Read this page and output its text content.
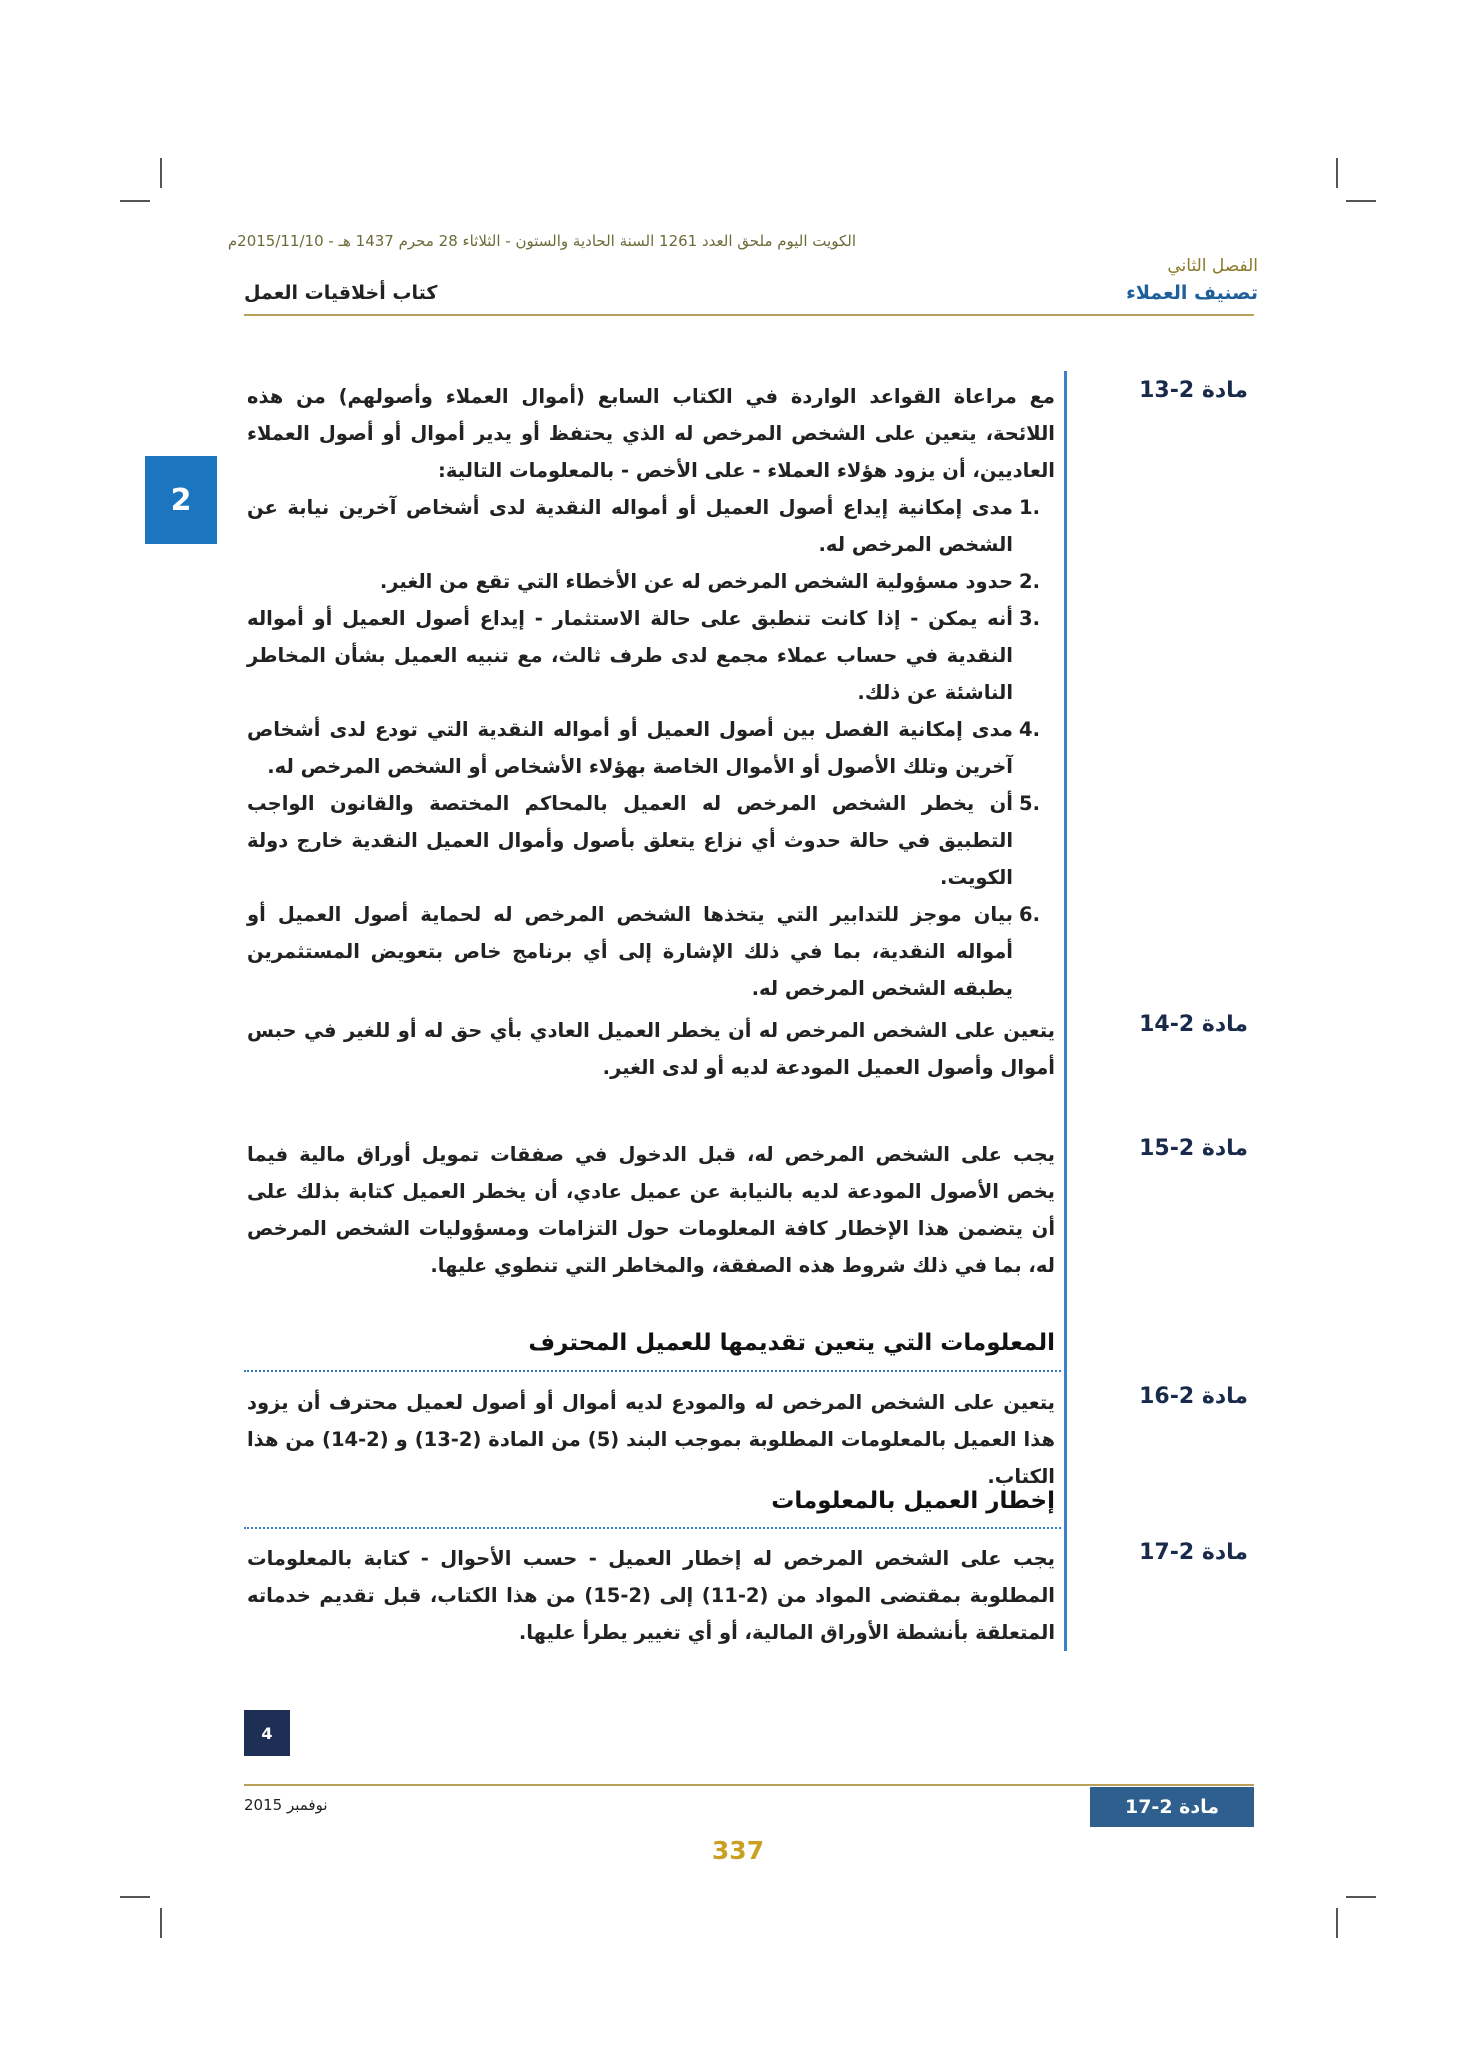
الكويت اليوم ملحق العدد 1261 السنة الحادية والستون - الثلاثاء 28 محرم 1437 هـ - 2015/11/10م
الفصل الثاني
تصنيف العملاء
كتاب أخلاقيات العمل
2
مادة 2-13

مع مراعاة القواعد الواردة في الكتاب السابع (أموال العملاء وأصولهم) من هذه اللائحة، يتعين على الشخص المرخص له الذي يحتفظ أو يدير أموال أو أصول العملاء العاديين، أن يزود هؤلاء العملاء - على الأخص - بالمعلومات التالية:

.1
مدى إمكانية إيداع أصول العميل أو أمواله النقدية لدى أشخاص آخرين نيابة عن الشخص المرخص له.
.2
حدود مسؤولية الشخص المرخص له عن الأخطاء التي تقع من الغير.
.3
أنه يمكن - إذا كانت تنطبق على حالة الاستثمار - إيداع أصول العميل أو أمواله النقدية في حساب عملاء مجمع لدى طرف ثالث، مع تنبيه العميل بشأن المخاطر الناشئة عن ذلك.
.4
مدى إمكانية الفصل بين أصول العميل أو أمواله النقدية التي تودع لدى أشخاص آخرين وتلك الأصول أو الأموال الخاصة بهؤلاء الأشخاص أو الشخص المرخص له.
.5
أن يخطر الشخص المرخص له العميل بالمحاكم المختصة والقانون الواجب التطبيق في حالة حدوث أي نزاع يتعلق بأصول وأموال العميل النقدية خارج دولة الكويت.
.6
بيان موجز للتدابير التي يتخذها الشخص المرخص له لحماية أصول العميل أو أمواله النقدية، بما في ذلك الإشارة إلى أي برنامج خاص بتعويض المستثمرين يطبقه الشخص المرخص له.
مادة 2-14
يتعين على الشخص المرخص له أن يخطر العميل العادي بأي حق له أو للغير في حبس أموال وأصول العميل المودعة لديه أو لدى الغير.
مادة 2-15
يجب على الشخص المرخص له، قبل الدخول في صفقات تمويل أوراق مالية فيما يخص الأصول المودعة لديه بالنيابة عن عميل عادي، أن يخطر العميل كتابة بذلك على أن يتضمن هذا الإخطار كافة المعلومات حول التزامات ومسؤوليات الشخص المرخص له، بما في ذلك شروط هذه الصفقة، والمخاطر التي تنطوي عليها.
المعلومات التي يتعين تقديمها للعميل المحترف
مادة 2-16
يتعين على الشخص المرخص له والمودع لديه أموال أو أصول لعميل محترف أن يزود هذا العميل بالمعلومات المطلوبة بموجب البند (5) من المادة (2-13) و (2-14) من هذا الكتاب.
إخطار العميل بالمعلومات
مادة 2-17
يجب على الشخص المرخص له إخطار العميل - حسب الأحوال - كتابة بالمعلومات المطلوبة بمقتضى المواد من (2-11) إلى (2-15) من هذا الكتاب، قبل تقديم خدماته المتعلقة بأنشطة الأوراق المالية، أو أي تغيير يطرأ عليها.
4
نوفمبر 2015	مادة 2-17
337
